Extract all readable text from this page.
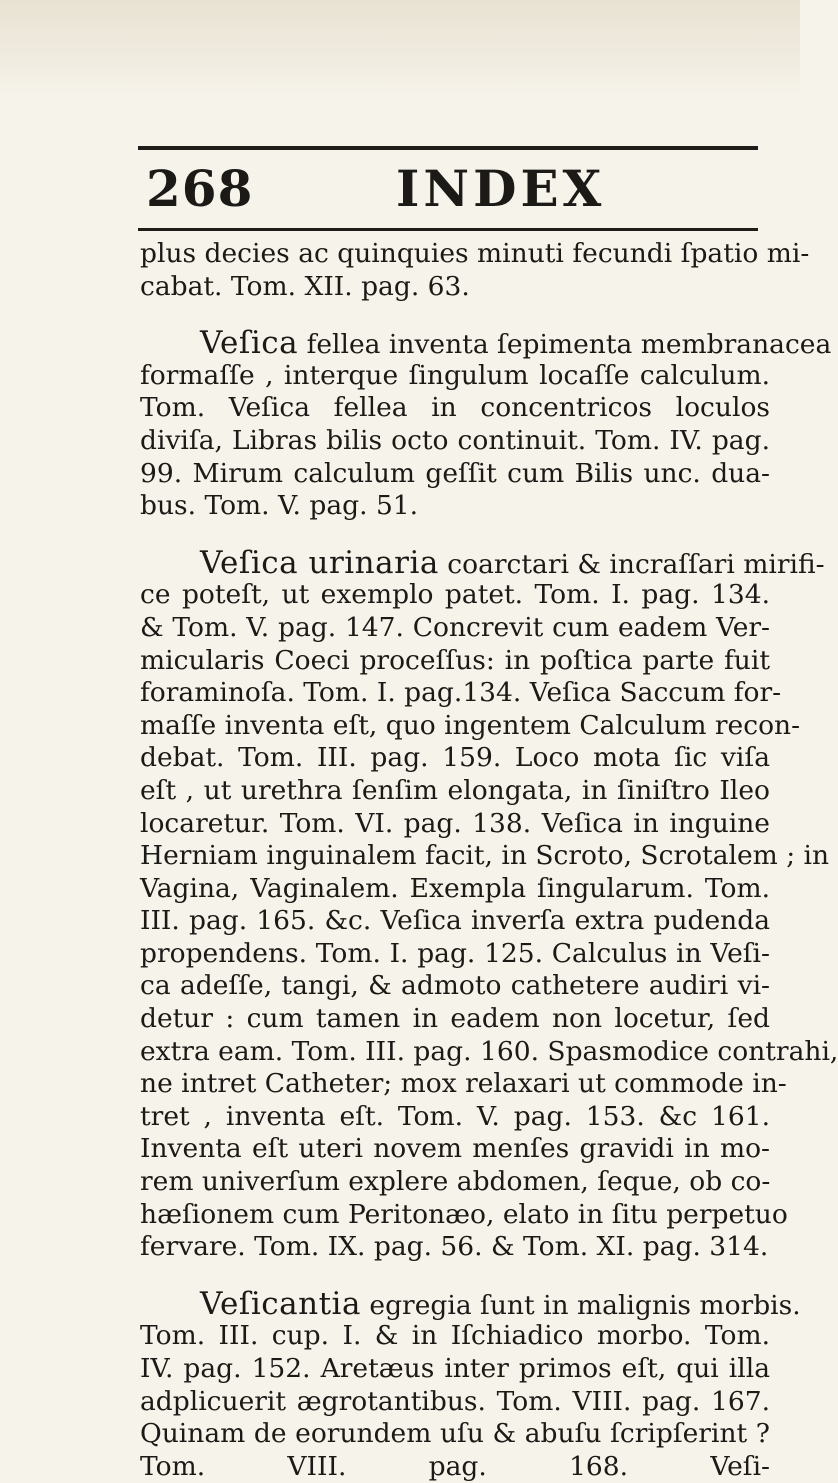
268	INDEX
plus decies ac quinquies minuti fecundi ſpatio mi-
cabat. Tom. XII. pag. 63.
Veſica fellea inventa ſepimenta membranacea
formaſſe , interque ſingulum locaſſe calculum.
Tom. Veſica fellea in concentricos loculos
diviſa, Libras bilis octo continuit. Tom. IV. pag.
99. Mirum calculum geſſit cum Bilis unc. dua-
bus. Tom. V. pag. 51.
Veſica urinaria coarctari & incraſſari mirifi-
ce poteſt, ut exemplo patet. Tom. I. pag. 134.
& Tom. V. pag. 147. Concrevit cum eadem Ver-
micularis Coeci proceſſus: in poſtica parte fuit
foraminoſa. Tom. I. pag.134. Veſica Saccum for-
maſſe inventa eſt, quo ingentem Calculum recon-
debat. Tom. III. pag. 159. Loco mota ſic viſa
eſt , ut urethra ſenſim elongata, in ſiniſtro Ileo
locaretur. Tom. VI. pag. 138. Veſica in inguine
Herniam inguinalem facit, in Scroto, Scrotalem ; in
Vagina, Vaginalem. Exempla ſingularum. Tom.
III. pag. 165. &c. Veſica inverſa extra pudenda
propendens. Tom. I. pag. 125. Calculus in Veſi-
ca adeſſe, tangi, & admoto cathetere audiri vi-
detur : cum tamen in eadem non locetur, ſed
extra eam. Tom. III. pag. 160. Spasmodice contrahi,
ne intret Catheter; mox relaxari ut commode in-
tret , inventa eſt. Tom. V. pag. 153. &c 161.
Inventa eſt uteri novem menſes gravidi in mo-
rem univerſum explere abdomen, ſeque, ob co-
hæſionem cum Peritonæo, elato in ſitu perpetuo
fervare. Tom. IX. pag. 56. & Tom. XI. pag. 314.
Veſicantia egregia ſunt in malignis morbis.
Tom. III. cup. I. & in Iſchiadico morbo. Tom.
IV. pag. 152. Aretæus inter primos eſt, qui illa
adplicuerit ægrotantibus. Tom. VIII. pag. 167.
Quinam de eorundem uſu & abuſu ſcripſerint ?
Tom. VIII. pag. 168.	Veſi-
